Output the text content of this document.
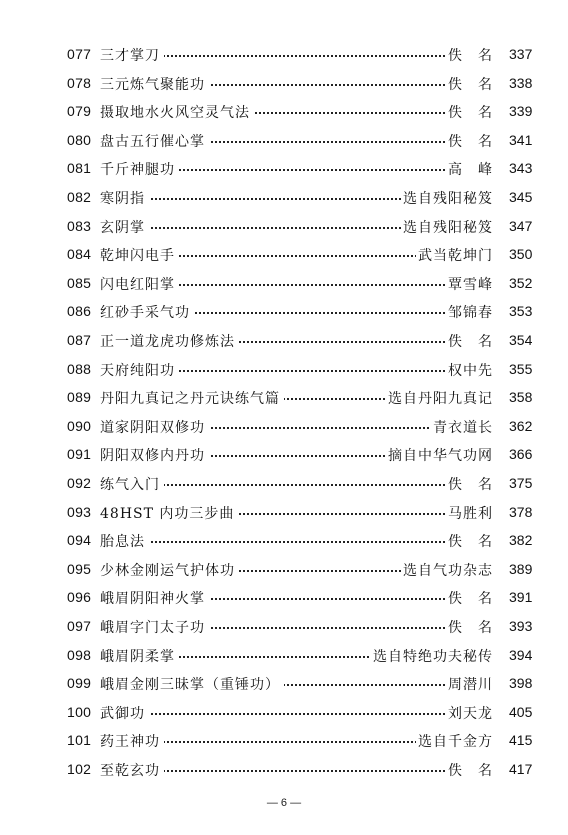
077 三才掌刀	佚　名 337
078 三元炼气聚能功	佚　名 338
079 摄取地水火风空灵气法	佚　名 339
080 盘古五行催心掌	佚　名 341
081 千斤神腿功	高　峰 343
082 寒阴指	选自残阳秘笈 345
083 玄阴掌	选自残阳秘笈 347
084 乾坤闪电手	武当乾坤门 350
085 闪电红阳掌	覃雪峰 352
086 红砂手采气功	邹锦春 353
087 正一道龙虎功修炼法	佚　名 354
088 天府纯阳功	权中先 355
089 丹阳九真记之丹元诀练气篇	选自丹阳九真记 358
090 道家阴阳双修功	青衣道长 362
091 阴阳双修内丹功	摘自中华气功网 366
092 练气入门	佚　名 375
093 48HST 内功三步曲	马胜利 378
094 胎息法	佚　名 382
095 少林金刚运气护体功	选自气功杂志 389
096 峨眉阴阳神火掌	佚　名 391
097 峨眉字门太子功	佚　名 393
098 峨眉阴柔掌	选自特绝功夫秘传 394
099 峨眉金刚三昧掌（重锤功）	周潜川 398
100 武御功	刘天龙 405
101 药王神功	选自千金方 415
102 至乾玄功	佚　名 417
— 6 —
